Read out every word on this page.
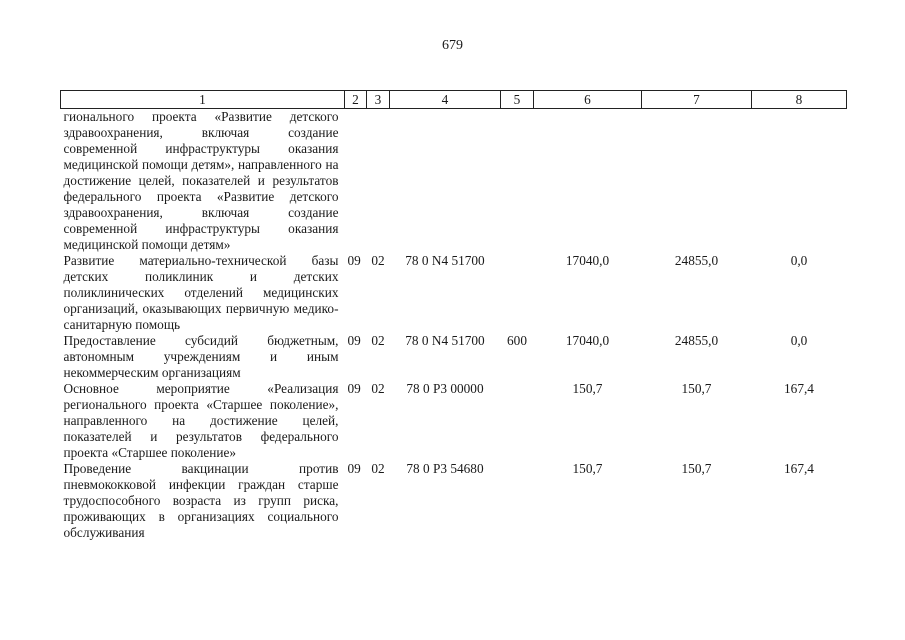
679
1	2	3	4	5	6	7	8
гионального проекта «Развитие детского здравоохранения, включая создание современной инфраструктуры оказания медицинской помощи детям», направленного на достижение целей, показателей и результатов федерального проекта «Развитие детского здравоохранения, включая создание современной инфраструктуры оказания медицинской помощи детям»							
Развитие материально-технической базы детских поликлиник и детских поликлинических отделений медицинских организаций, оказывающих первичную медико-санитарную помощь	09	02	78 0 N4 51700		17040,0	24855,0	0,0
Предоставление субсидий бюджетным, автономным учреждениям и иным некоммерческим организациям	09	02	78 0 N4 51700	600	17040,0	24855,0	0,0
Основное мероприятие «Реализация регионального проекта «Старшее поколение», направленного на достижение целей, показателей и результатов федерального проекта «Старшее поколение»	09	02	78 0 P3 00000		150,7	150,7	167,4
Проведение вакцинации против пневмококковой инфекции граждан старше трудоспособного возраста из групп риска, проживающих в организациях социального обслуживания	09	02	78 0 P3 54680		150,7	150,7	167,4
